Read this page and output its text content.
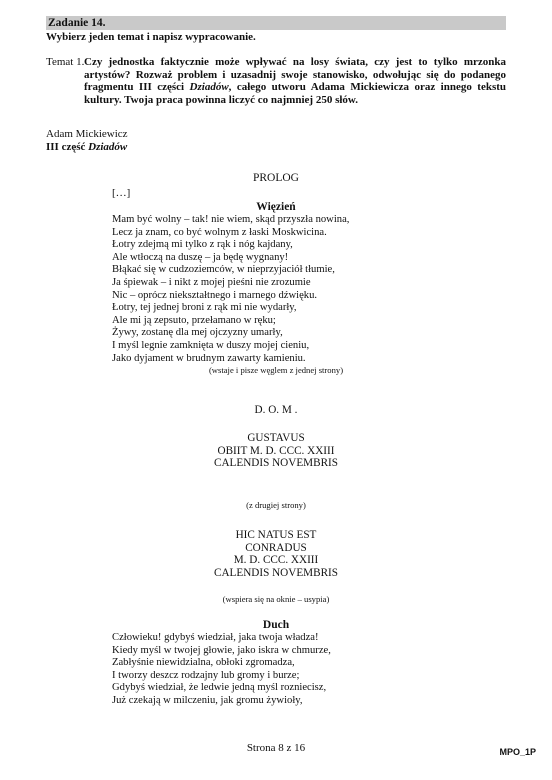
Zadanie 14.
Wybierz jeden temat i napisz wypracowanie.
Temat 1. Czy jednostka faktycznie może wpływać na losy świata, czy jest to tylko mrzonka artystów? Rozważ problem i uzasadnij swoje stanowisko, odwołując się do podanego fragmentu III części Dziadów, całego utworu Adama Mickiewicza oraz innego tekstu kultury. Twoja praca powinna liczyć co najmniej 250 słów.
Adam Mickiewicz
III część Dziadów
PROLOG
[…]
Więzień
Mam być wolny – tak! nie wiem, skąd przyszła nowina,
Lecz ja znam, co być wolnym z łaski Moskwicina.
Łotry zdejmą mi tylko z rąk i nóg kajdany,
Ale wtłoczą na duszę – ja będę wygnany!
Błąkać się w cudzoziemców, w nieprzyjaciół tłumie,
Ja śpiewak – i nikt z mojej pieśni nie zrozumie
Nic – oprócz niekształtnego i marnego dźwięku.
Łotry, tej jednej broni z rąk mi nie wydarły,
Ale mi ją zepsuto, przełamano w ręku;
Żywy, zostanę dla mej ojczyzny umarły,
I myśl legnie zamknięta w duszy mojej cieniu,
Jako dyjament w brudnym zawarty kamieniu.
(wstaje i pisze węglem z jednej strony)
D. O. M .
GUSTAVUS
OBIIT M. D. CCC. XXIII
CALENDIS NOVEMBRIS
(z drugiej strony)
HIC NATUS EST
CONRADUS
M. D. CCC. XXIII
CALENDIS NOVEMBRIS
(wspiera się na oknie – usypia)
Duch
Człowieku! gdybyś wiedział, jaka twoja władza!
Kiedy myśl w twojej głowie, jako iskra w chmurze,
Zabłyśnie niewidzialna, obłoki zgromadza,
I tworzy deszcz rodzajny lub gromy i burze;
Gdybyś wiedział, że ledwie jedną myśl rozniecisz,
Już czekają w milczeniu, jak gromu żywioły,
Strona 8 z 16	MPO_1P
